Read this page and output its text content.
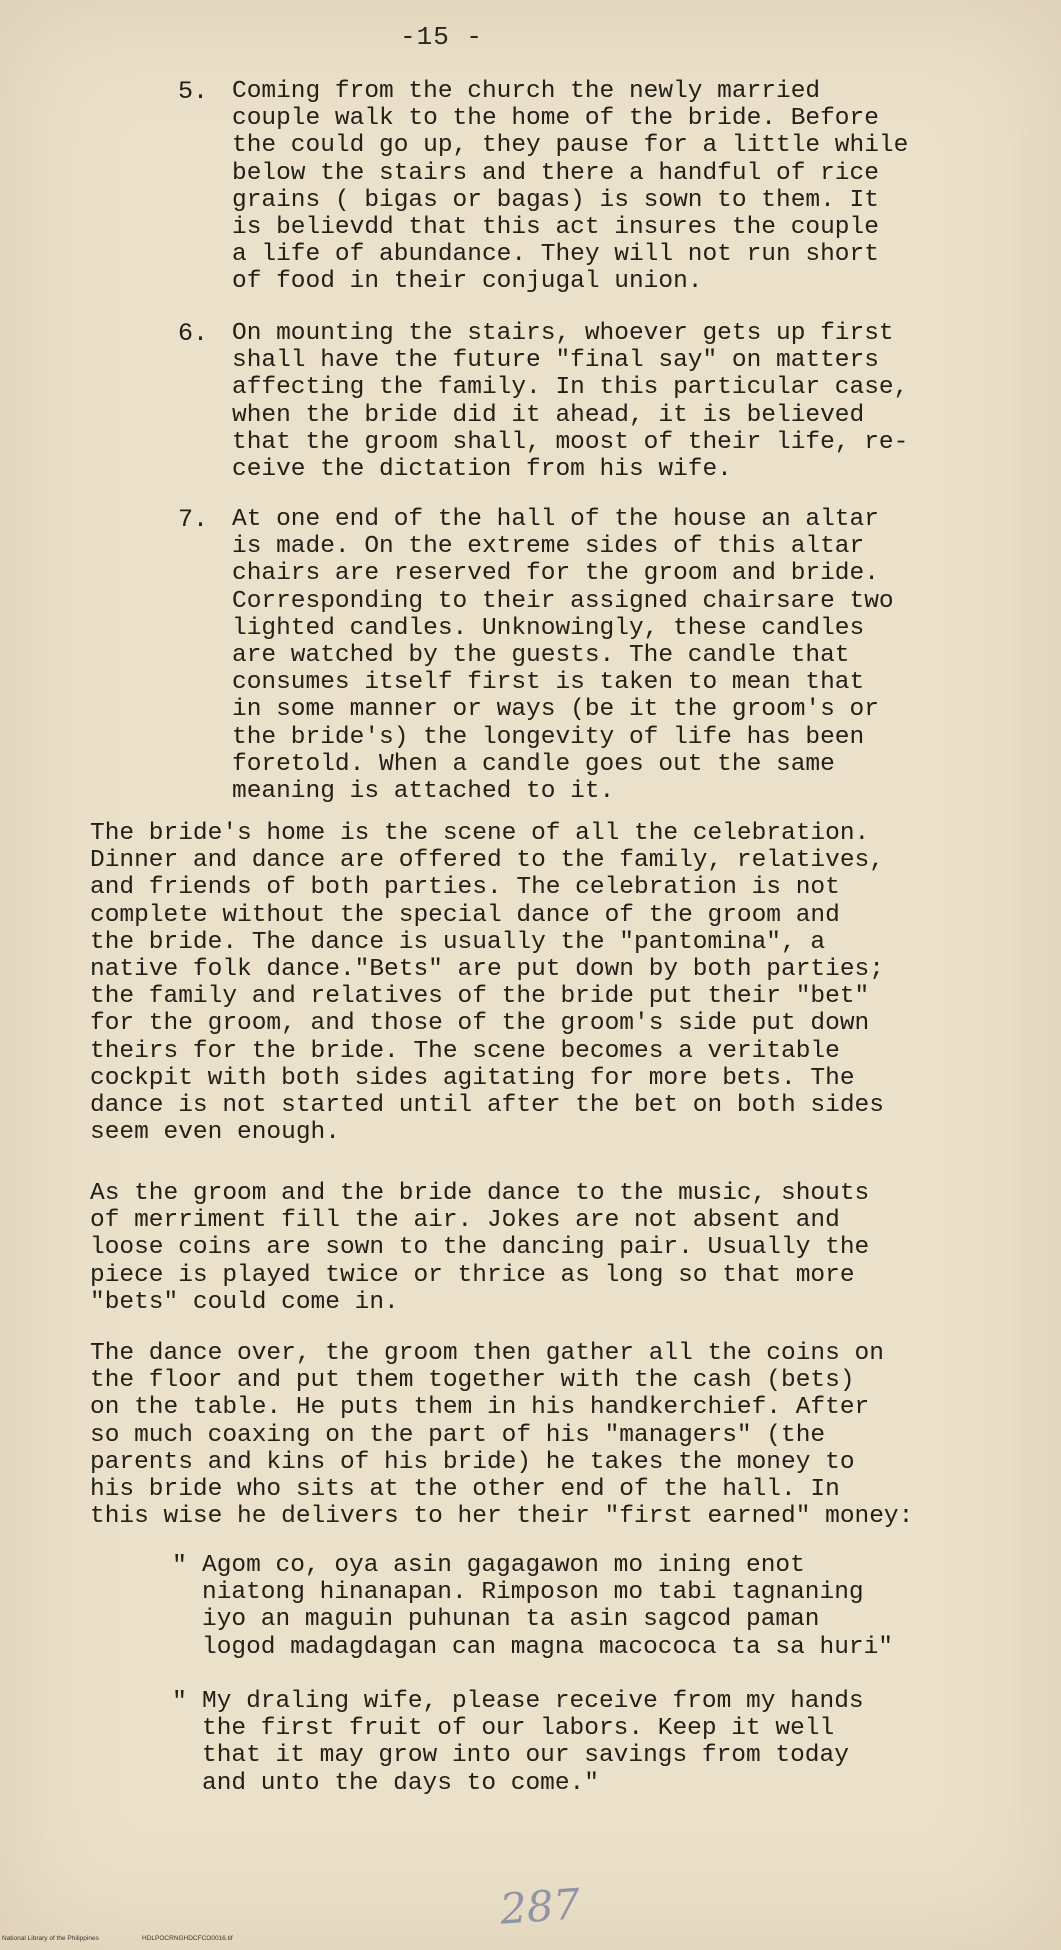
-15 -
5. Coming from the church the newly married
couple walk to the home of the bride. Before
the could go up, they pause for a little while
below the stairs and there a handful of rice
grains ( bigas or bagas) is sown to them. It
is believdd that this act insures the couple
a life of abundance. They will not run short
of food in their conjugal union.
6. On mounting the stairs, whoever gets up first
shall have the future "final say" on matters
affecting the family. In this particular case,
when the bride did it ahead, it is believed
that the groom shall, moost of their life, re-
ceive the dictation from his wife.
7. At one end of the hall of the house an altar
is made. On the extreme sides of this altar
chairs are reserved for the groom and bride.
Corresponding to their assigned chairsare two
lighted candles. Unknowingly, these candles
are watched by the guests. The candle that
consumes itself first is taken to mean that
in some manner or ways (be it the groom's or
the bride's) the longevity of life has been
foretold. When a candle goes out the same
meaning is attached to it.
The bride's home is the scene of all the celebration.
Dinner and dance are offered to the family, relatives,
and friends of both parties. The celebration is not
complete without the special dance of the groom and
the bride. The dance is usually the "pantomina", a
native folk dance."Bets" are put down by both parties;
the family and relatives of the bride put their "bet"
for the groom, and those of the groom's side put down
theirs for the bride. The scene becomes a veritable
cockpit with both sides agitating for more bets. The
dance is not started until after the bet on both sides
seem even enough.
As the groom and the bride dance to the music, shouts
of merriment fill the air. Jokes are not absent and
loose coins are sown to the dancing pair. Usually the
piece is played twice or thrice as long so that more
"bets" could come in.
The dance over, the groom then gather all the coins on
the floor and put them together with the cash (bets)
on the table. He puts them in his handkerchief. After
so much coaxing on the part of his "managers" (the
parents and kins of his bride) he takes the money to
his bride who sits at the other end of the hall. In
this wise he delivers to her their "first earned" money:
" Agom co, oya asin gagagawon mo ining enot
niatong hinanapan. Rimposon mo tabi tagnaning
iyo an maguin puhunan ta asin sagcod paman
logod madagdagan can magna macococa ta sa huri"
" My draling wife, please receive from my hands
the first fruit of our labors. Keep it well
that it may grow into our savings from today
and unto the days to come."
287
National Library of the Philippines	HDLPOCRNGHDCFCO0016.tif
